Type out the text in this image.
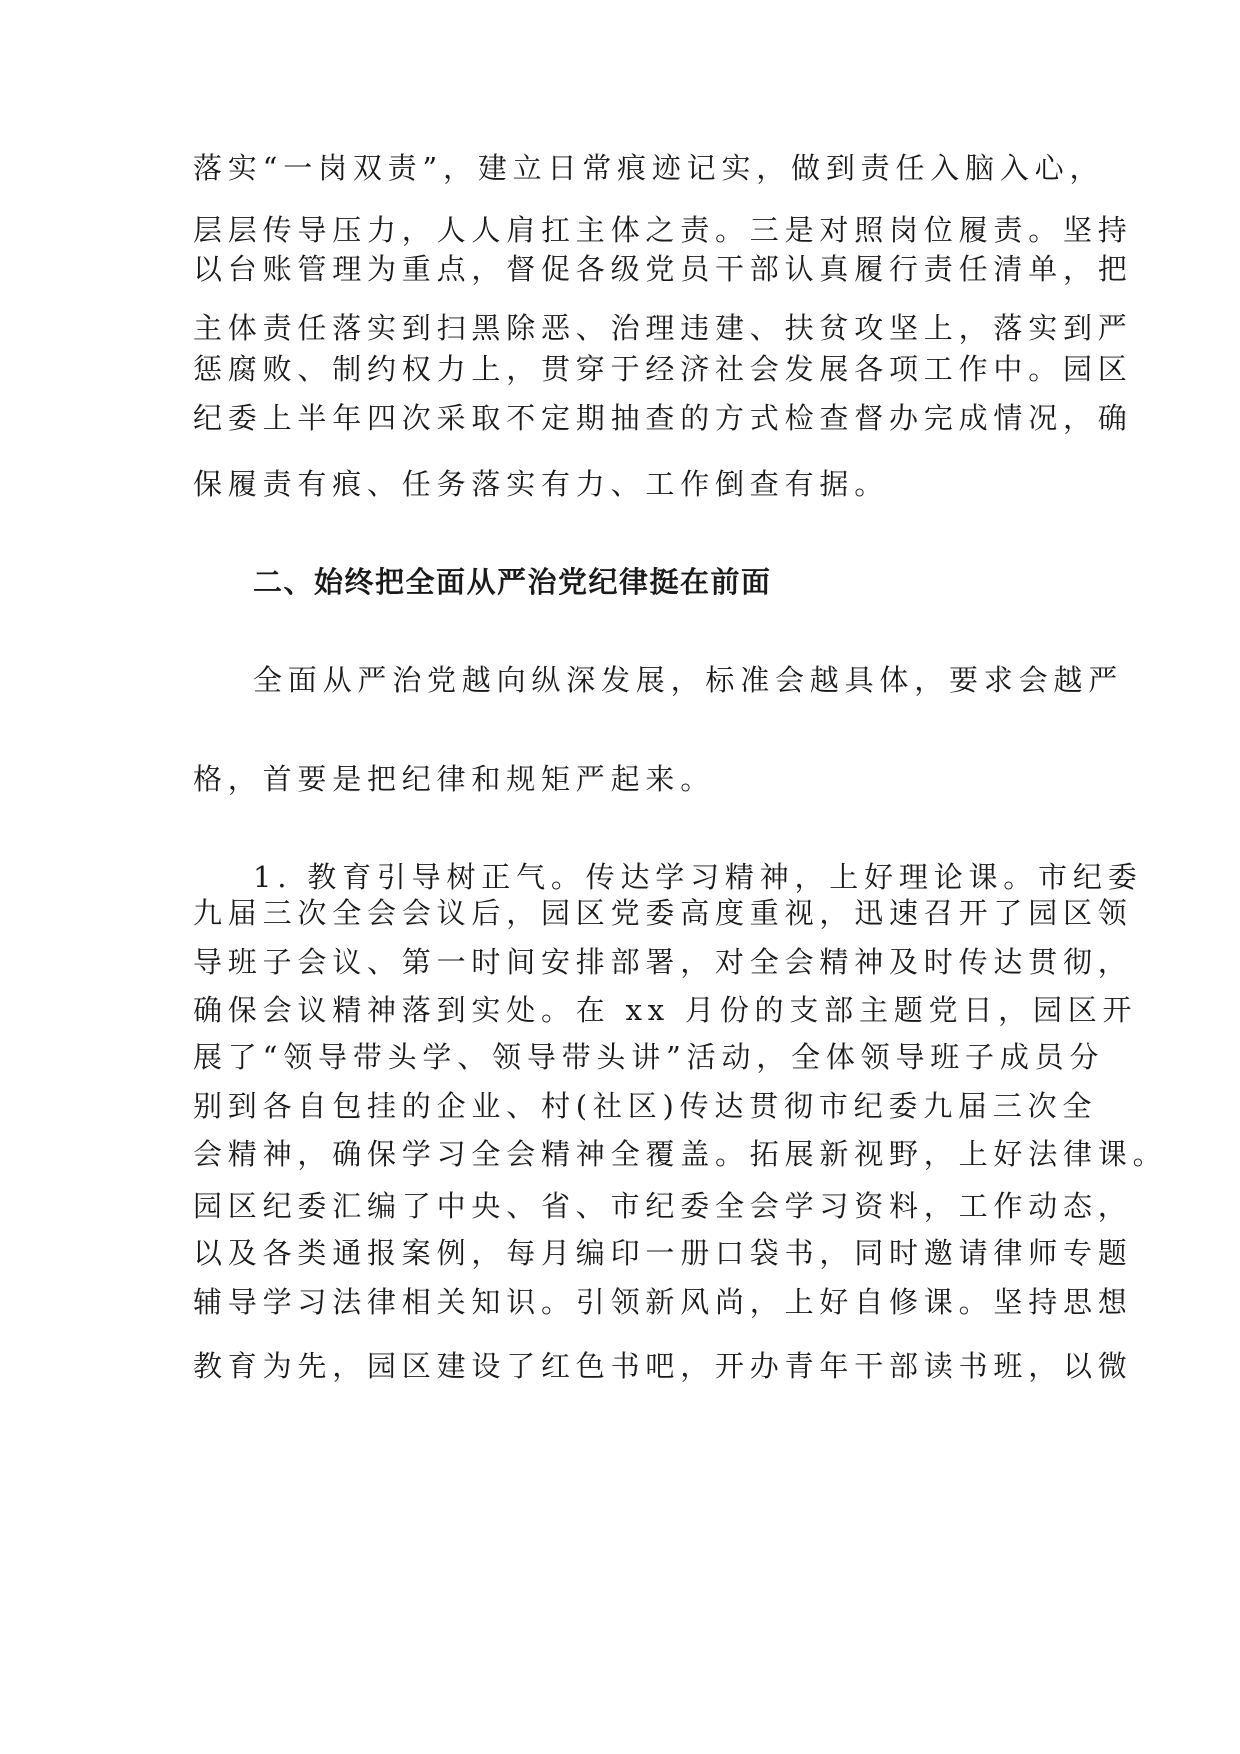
落实“一岗双责”，建立日常痕迹记实，做到责任入脑入心，
层层传导压力，人人肩扛主体之责。三是对照岗位履责。坚持
以台账管理为重点，督促各级党员干部认真履行责任清单，把
主体责任落实到扫黑除恶、治理违建、扶贫攻坚上，落实到严
惩腐败、制约权力上，贯穿于经济社会发展各项工作中。园区
纪委上半年四次采取不定期抽查的方式检查督办完成情况，确
保履责有痕、任务落实有力、工作倒查有据。
二、始终把全面从严治党纪律挺在前面
全面从严治党越向纵深发展，标准会越具体，要求会越严
格，首要是把纪律和规矩严起来。
1. 教育引导树正气。传达学习精神，上好理论课。市纪委
九届三次全会会议后，园区党委高度重视，迅速召开了园区领
导班子会议、第一时间安排部署，对全会精神及时传达贯彻，
确保会议精神落到实处。在 xx 月份的支部主题党日，园区开
展了“领导带头学、领导带头讲”活动，全体领导班子成员分
别到各自包挂的企业、村(社区)传达贯彻市纪委九届三次全
会精神，确保学习全会精神全覆盖。拓展新视野，上好法律课。
园区纪委汇编了中央、省、市纪委全会学习资料，工作动态，
以及各类通报案例，每月编印一册口袋书，同时邀请律师专题
辅导学习法律相关知识。引领新风尚，上好自修课。坚持思想
教育为先，园区建设了红色书吧，开办青年干部读书班，以微
